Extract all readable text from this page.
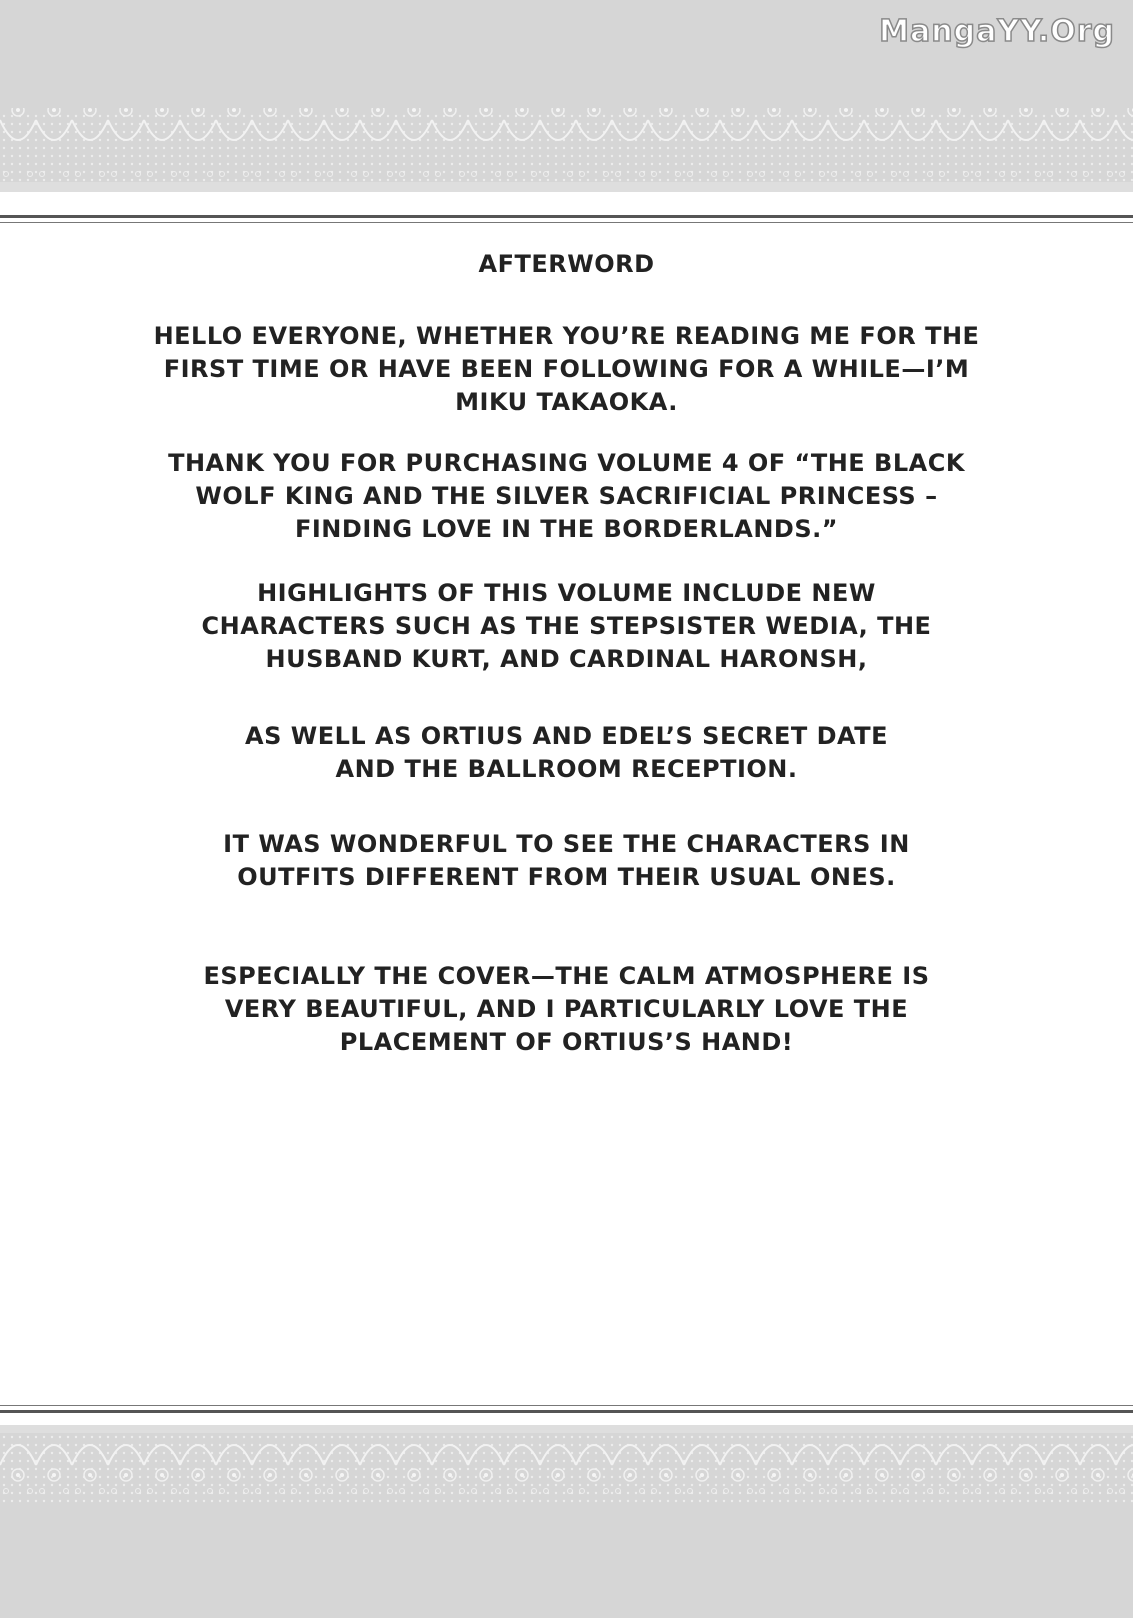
MangaYY.Org
AFTERWORD
HELLO EVERYONE, WHETHER YOU’RE READING ME FOR THE
FIRST TIME OR HAVE BEEN FOLLOWING FOR A WHILE—I’M
MIKU TAKAOKA.
THANK YOU FOR PURCHASING VOLUME 4 OF “THE BLACK
WOLF KING AND THE SILVER SACRIFICIAL PRINCESS –
FINDING LOVE IN THE BORDERLANDS.”
HIGHLIGHTS OF THIS VOLUME INCLUDE NEW
CHARACTERS SUCH AS THE STEPSISTER WEDIA, THE
HUSBAND KURT, AND CARDINAL HARONSH,
AS WELL AS ORTIUS AND EDEL’S SECRET DATE
AND THE BALLROOM RECEPTION.
IT WAS WONDERFUL TO SEE THE CHARACTERS IN
OUTFITS DIFFERENT FROM THEIR USUAL ONES.
ESPECIALLY THE COVER—THE CALM ATMOSPHERE IS
VERY BEAUTIFUL, AND I PARTICULARLY LOVE THE
PLACEMENT OF ORTIUS’S HAND!
